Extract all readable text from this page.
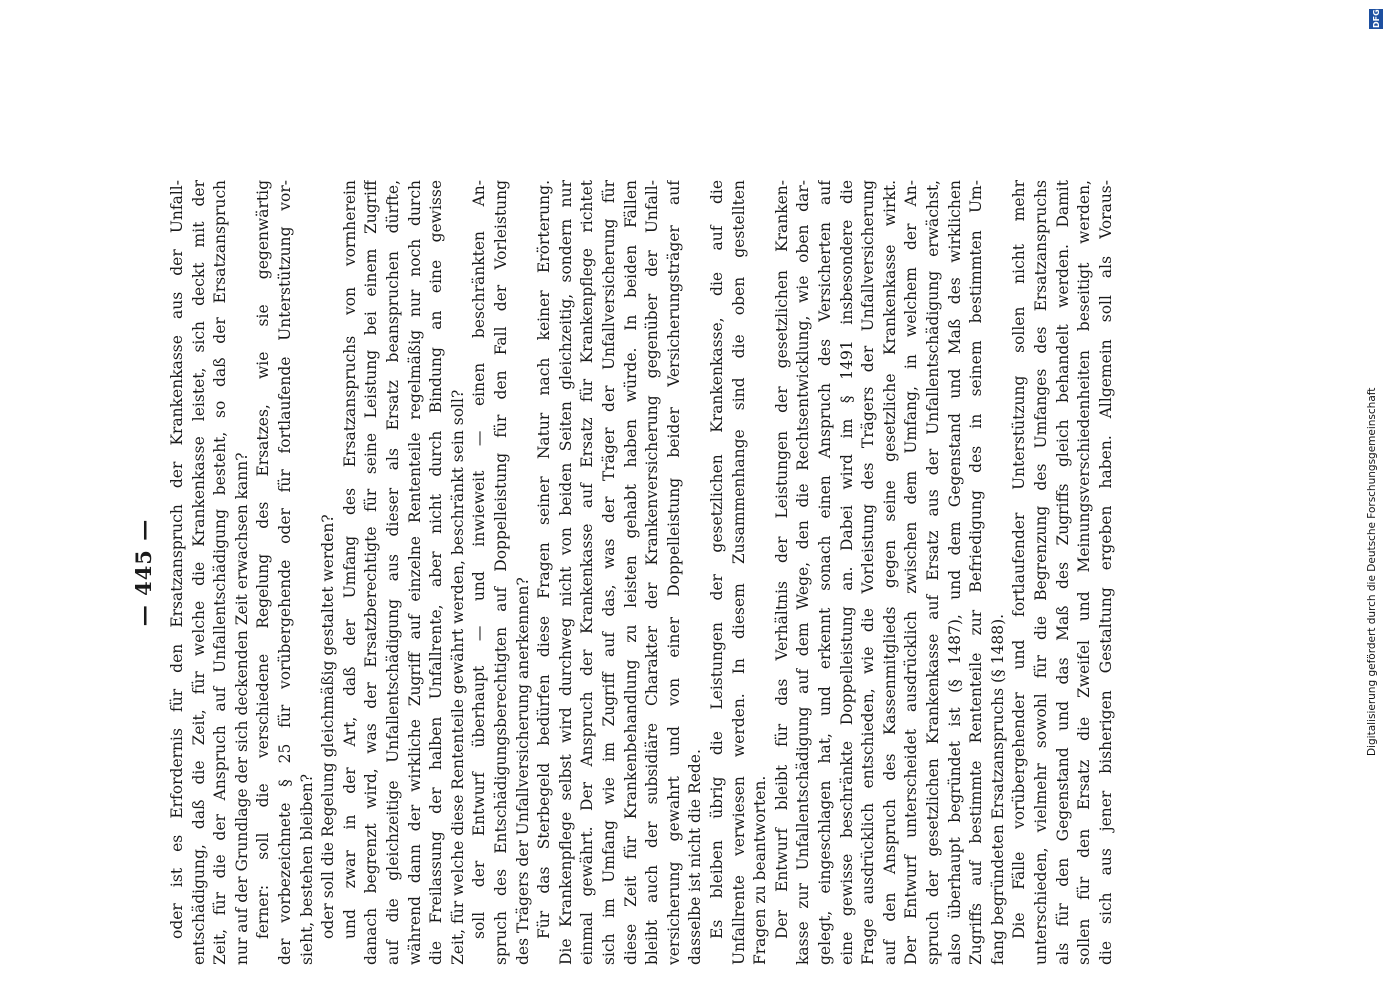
— 445 — oder ist es Erfordernis für den Ersatzanspruch der Krankenkasse aus der Unfall- entschädigung, daß die Zeit, für welche die Krankenkasse leistet, sich deckt mit der Zeit, für die der Anspruch auf Unfallentschädigung besteht, so daß der Ersatzanspruch nur auf der Grundlage der sich deckenden Zeit erwachsen kann? ferner: soll die verschiedene Regelung des Ersatzes, wie sie gegenwärtig der vorbezeichnete § 25 für vorübergehende oder für fortlaufende Unterstützung vor- sieht, bestehen bleiben? oder soll die Regelung gleichmäßig gestaltet werden? und zwar in der Art, daß der Umfang des Ersatzanspruchs von vornherein danach begrenzt wird, was der Ersatzberechtigte für seine Leistung bei einem Zugriff auf die gleichzeitige Unfallentschädigung aus dieser als Ersatz beanspruchen dürfte, während dann der wirkliche Zugriff auf einzelne Rententeile regelmäßig nur noch durch die Freilassung der halben Unfallrente, aber nicht durch Bindung an eine gewisse Zeit, für welche diese Rententeile gewährt werden, beschränkt sein soll? soll der Entwurf überhaupt — und inwieweit — einen beschränkten An- spruch des Entschädigungsberechtigten auf Doppelleistung für den Fall der Vorleistung des Trägers der Unfallversicherung anerkennen? Für das Sterbegeld bedürfen diese Fragen seiner Natur nach keiner Erörterung. Die Krankenpflege selbst wird durchweg nicht von beiden Seiten gleichzeitig, sondern nur einmal gewährt. Der Anspruch der Krankenkasse auf Ersatz für Krankenpflege richtet sich im Umfang wie im Zugriff auf das, was der Träger der Unfallversicherung für diese Zeit für Krankenbehandlung zu leisten gehabt haben würde. In beiden Fällen bleibt auch der subsidiäre Charakter der Krankenversicherung gegenüber der Unfall- versicherung gewahrt und von einer Doppelleistung beider Versicherungsträger auf dasselbe ist nicht die Rede. Es bleiben übrig die Leistungen der gesetzlichen Krankenkasse, die auf die Unfallrente verwiesen werden. In diesem Zusammenhange sind die oben gestellten Fragen zu beantworten. Der Entwurf bleibt für das Verhältnis der Leistungen der gesetzlichen Kranken- kasse zur Unfallentschädigung auf dem Wege, den die Rechtsentwicklung, wie oben dar- gelegt, eingeschlagen hat, und erkennt sonach einen Anspruch des Versicherten auf eine gewisse beschränkte Doppelleistung an. Dabei wird im § 1491 insbesondere die Frage ausdrücklich entschieden, wie die Vorleistung des Trägers der Unfallversicherung auf den Anspruch des Kassenmitglieds gegen seine gesetzliche Krankenkasse wirkt. Der Entwurf unterscheidet ausdrücklich zwischen dem Umfang, in welchem der An- spruch der gesetzlichen Krankenkasse auf Ersatz aus der Unfallentschädigung erwächst, also überhaupt begründet ist (§ 1487), und dem Gegenstand und Maß des wirklichen Zugriffs auf bestimmte Rententeile zur Befriedigung des in seinem bestimmten Um- fang begründeten Ersatzanspruchs (§ 1488). Die Fälle vorübergehender und fortlaufender Unterstützung sollen nicht mehr unterschieden, vielmehr sowohl für die Begrenzung des Umfanges des Ersatzanspruchs als für den Gegenstand und das Maß des Zugriffs gleich behandelt werden. Damit sollen für den Ersatz die Zweifel und Meinungsverschiedenheiten beseitigt werden, die sich aus jener bisherigen Gestaltung ergeben haben. Allgemein soll als Voraus-
DFG
Digitalisierung gefördert durch die Deutsche Forschungsgemeinschaft
